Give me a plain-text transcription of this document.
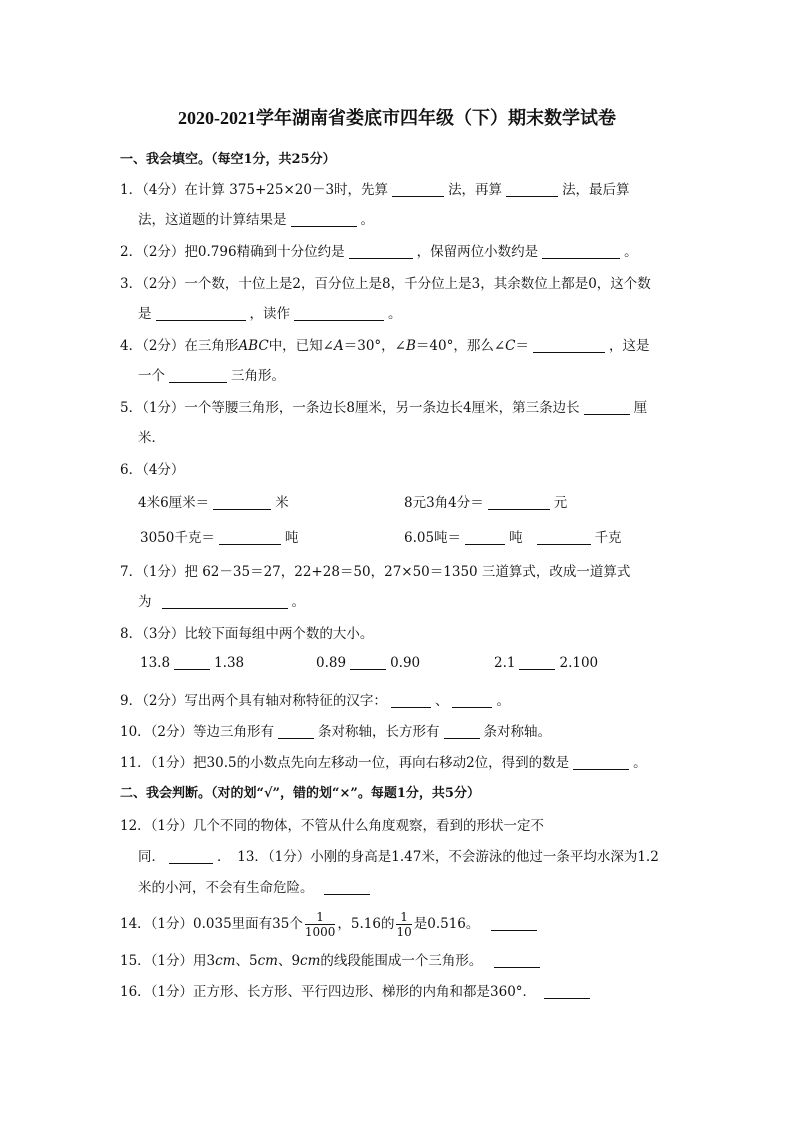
2020-2021学年湖南省娄底市四年级（下）期末数学试卷
一、我会填空。（每空1分，共25分）
1．（4分）在计算 375+25×20－3时，先算	法，再算	法，最后算
法，这道题的计算结果是	。
2．（2分）把0.796精确到十分位约是	，保留两位小数约是	。
3．（2分）一个数，十位上是2，百分位上是8，千分位上是3，其余数位上都是0，这个数
是	，读作	。
4．（2分）在三角形ABC中，已知∠A＝30°，∠B＝40°，那么∠C＝	，这是
一个	三角形。
5．（1分）一个等腰三角形，一条边长8厘米，另一条边长4厘米，第三条边长	厘
米．
6．（4分）
4米6厘米＝	米	8元3角4分＝	元
3050千克＝	吨	6.05吨＝	吨	千克
7．（1分）把 62－35＝27，22+28＝50，27×50＝1350 三道算式，改成一道算式
为	。
8．（3分）比较下面每组中两个数的大小。
13.8	1.38	0.89	0.90	2.1	2.100
9．（2分）写出两个具有轴对称特征的汉字：	、	。
10．（2分）等边三角形有	条对称轴，长方形有	条对称轴。
11．（1分）把30.5的小数点先向左移动一位，再向右移动2位，得到的数是	。
二、我会判断。（对的划“√”，错的划“×”。每题1分，共5分）
12．（1分）几个不同的物体，不管从什么角度观察，看到的形状一定不
同．	．　13．（1分）小刚的身高是1.47米，不会游泳的他过一条平均水深为1.2
米的小河，不会有生命危险。
14．（1分）0.035里面有35个 $\frac{1}{1000}$ ，5.16的 $\frac{1}{10}$ 是0.516。
15．（1分）用3cm、5cm、9cm的线段能围成一个三角形。
16．（1分）正方形、长方形、平行四边形、梯形的内角和都是360°．
